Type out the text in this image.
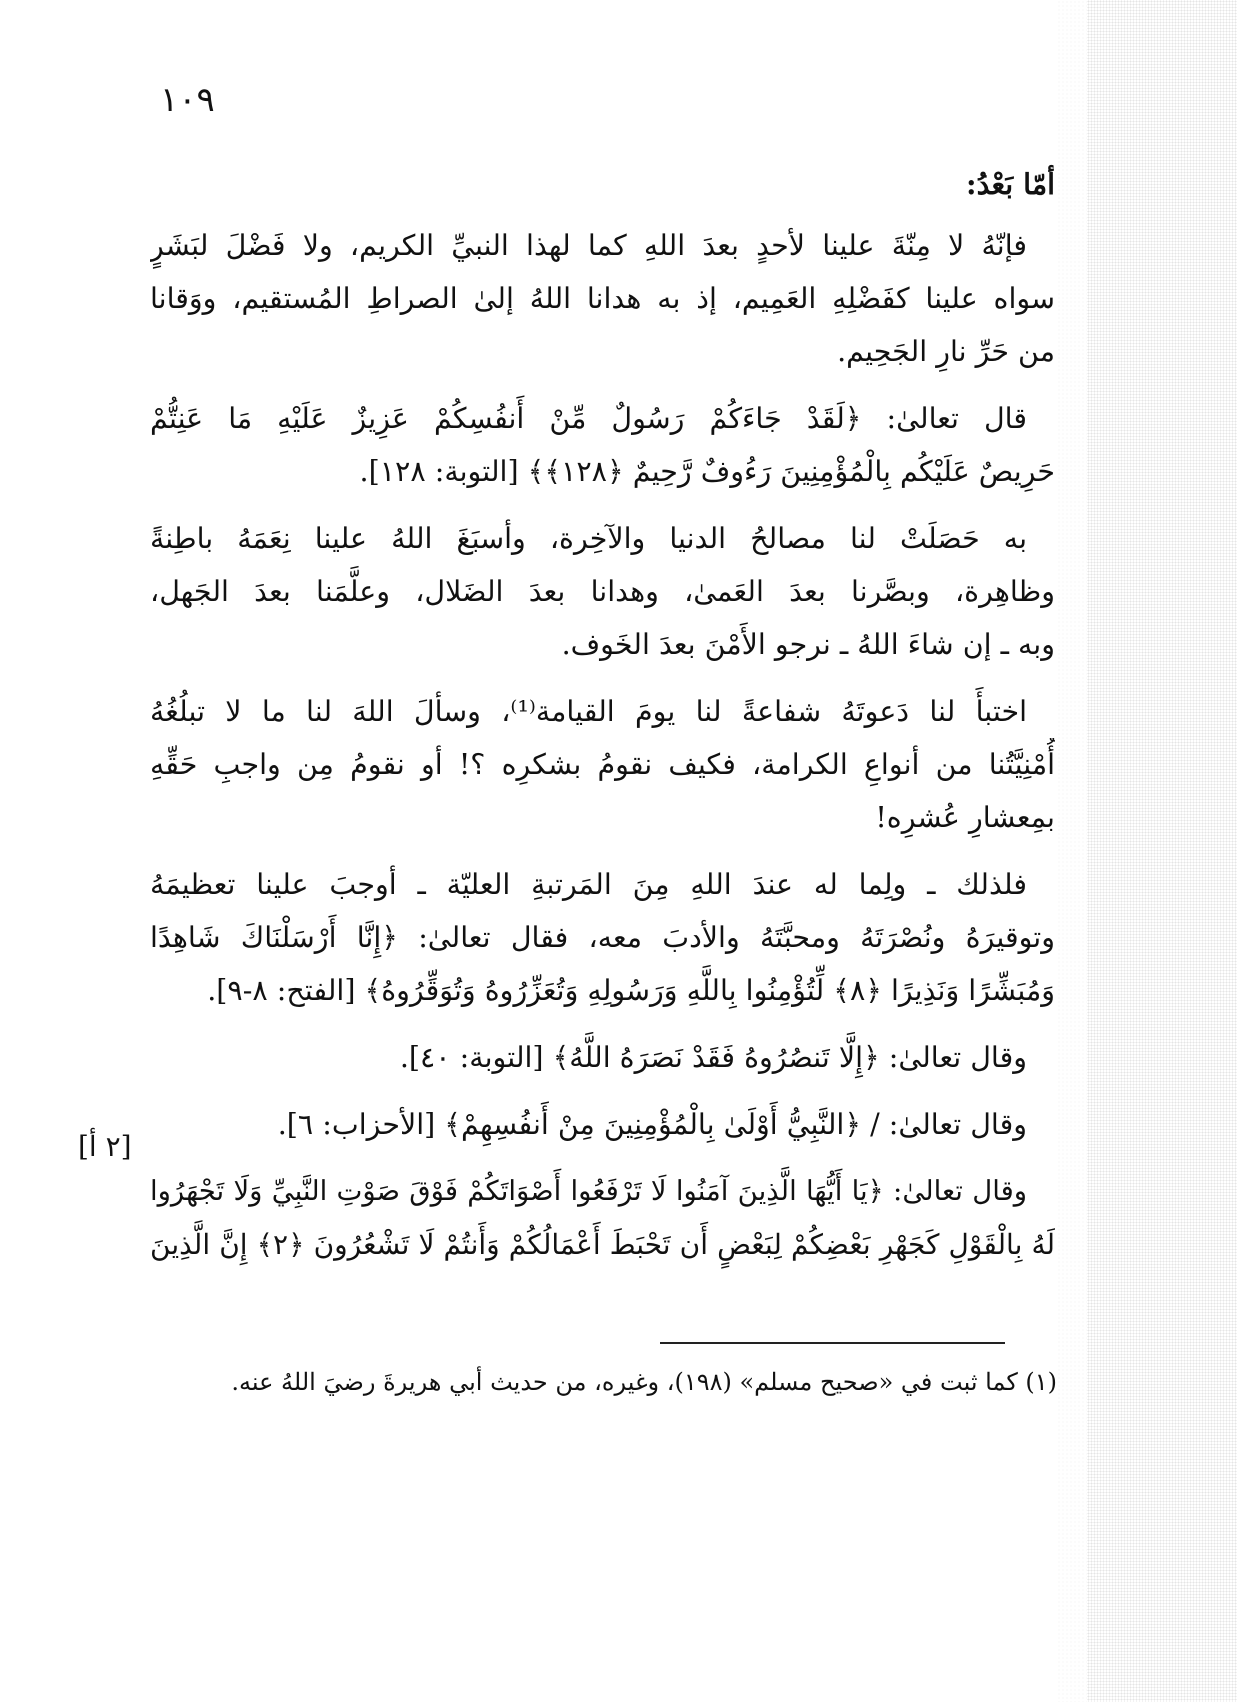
١٠٩
أمّا بَعْدُ:
فإنّهُ لا مِنّةَ علينا لأحدٍ بعدَ اللهِ كما لهذا النبيِّ الكريم، ولا فَضْلَ لبَشَرٍ
سواه علينا كفَضْلِهِ العَمِيم، إذ به هدانا اللهُ إلىٰ الصراطِ المُستقيم، ووَقانا
من حَرِّ نارِ الجَحِيم.
قال تعالىٰ: ﴿لَقَدْ جَاءَكُمْ رَسُولٌ مِّنْ أَنفُسِكُمْ عَزِيزٌ عَلَيْهِ مَا عَنِتُّمْ
حَرِيصٌ عَلَيْكُم بِالْمُؤْمِنِينَ رَءُوفٌ رَّحِيمٌ ﴿١٢٨﴾﴾ [التوبة: ١٢٨].
به حَصَلَتْ لنا مصالحُ الدنيا والآخِرة، وأسبَغَ اللهُ علينا نِعَمَهُ باطِنةً
وظاهِرة، وبصَّرنا بعدَ العَمىٰ، وهدانا بعدَ الضَلال، وعلَّمَنا بعدَ الجَهل،
وبه ـ إن شاءَ اللهُ ـ نرجو الأَمْنَ بعدَ الخَوف.
اختبأَ لنا دَعوتَهُ شفاعةً لنا يومَ القيامة⁽¹⁾، وسألَ اللهَ لنا ما لا تبلُغُهُ
أُمْنِيَّتُنا من أنواعِ الكرامة، فكيف نقومُ بشكرِه ؟! أو نقومُ مِن واجبِ حَقِّهِ
بمِعشارِ عُشرِه!
فلذلك ـ ولِما له عندَ اللهِ مِنَ المَرتبةِ العليّة ـ أوجبَ علينا تعظيمَهُ
وتوقيرَهُ ونُصْرَتَهُ ومحبَّتَهُ والأدبَ معه، فقال تعالىٰ: ﴿إِنَّا أَرْسَلْنَاكَ شَاهِدًا
وَمُبَشِّرًا وَنَذِيرًا ﴿٨﴾ لِّتُؤْمِنُوا بِاللَّهِ وَرَسُولِهِ وَتُعَزِّرُوهُ وَتُوَقِّرُوهُ﴾ [الفتح: ٨-٩].
وقال تعالىٰ: ﴿إِلَّا تَنصُرُوهُ فَقَدْ نَصَرَهُ اللَّهُ﴾ [التوبة: ٤٠].
وقال تعالىٰ: / ﴿النَّبِيُّ أَوْلَىٰ بِالْمُؤْمِنِينَ مِنْ أَنفُسِهِمْ﴾ [الأحزاب: ٦].
وقال تعالىٰ: ﴿يَا أَيُّهَا الَّذِينَ آمَنُوا لَا تَرْفَعُوا أَصْوَاتَكُمْ فَوْقَ صَوْتِ النَّبِيِّ وَلَا تَجْهَرُوا
لَهُ بِالْقَوْلِ كَجَهْرِ بَعْضِكُمْ لِبَعْضٍ أَن تَحْبَطَ أَعْمَالُكُمْ وَأَنتُمْ لَا تَشْعُرُونَ ﴿٢﴾ إِنَّ الَّذِينَ
[٢ أ]
(١) كما ثبت في «صحيح مسلم» (١٩٨)، وغيره، من حديث أبي هريرةَ رضيَ اللهُ عنه.
